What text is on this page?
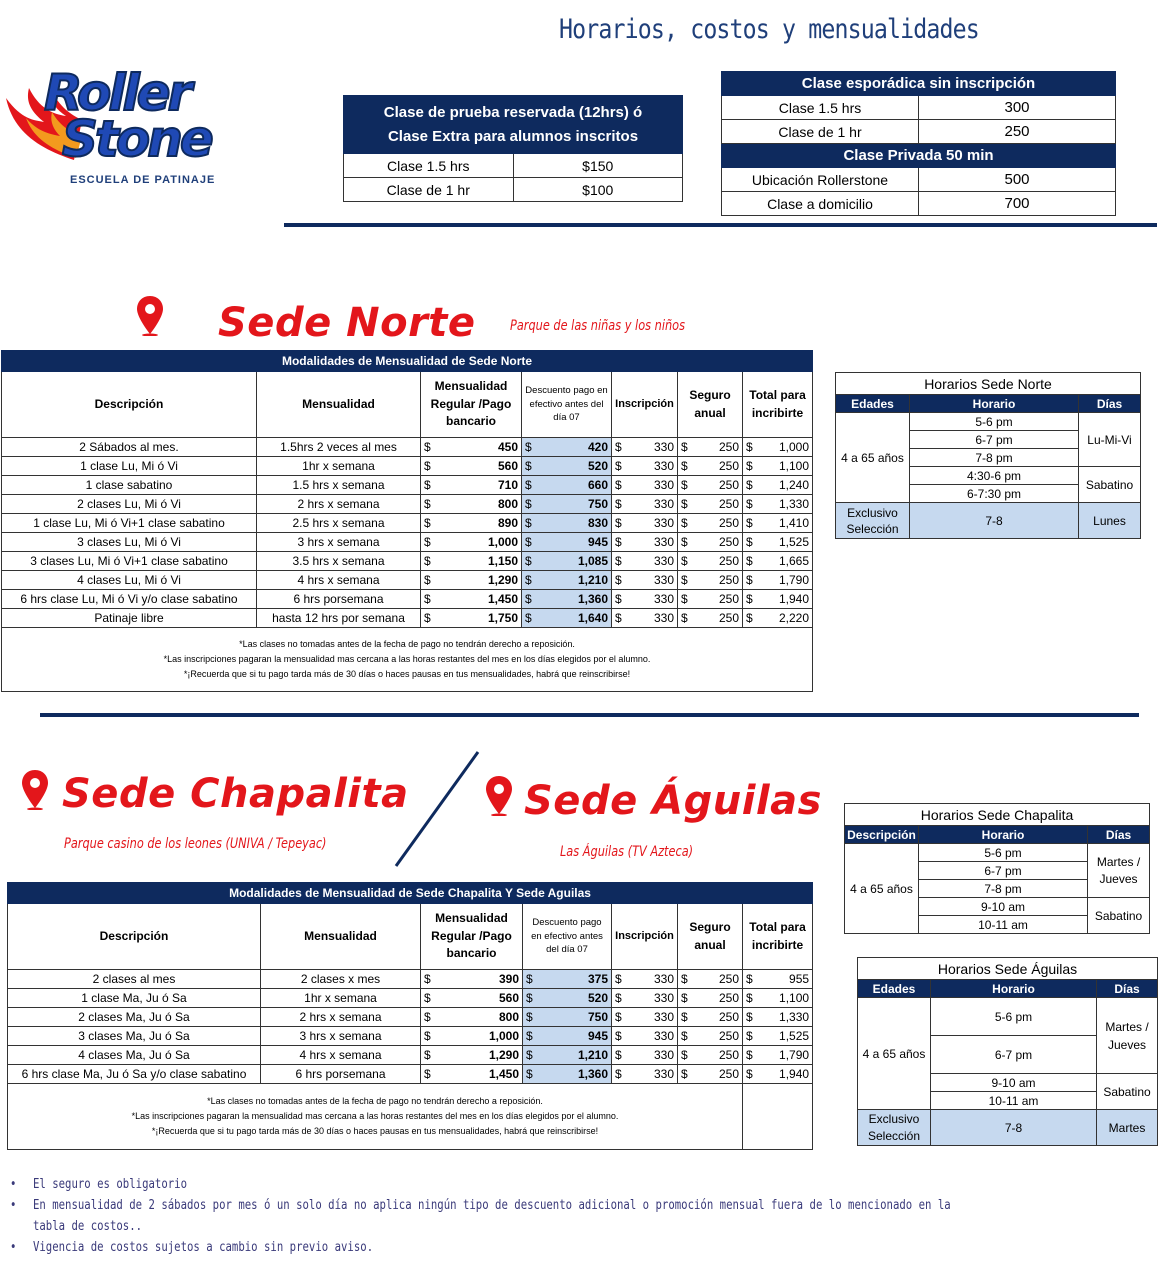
Horarios, costos y mensualidades
Roller
Stone
ESCUELA DE PATINAJE
Clase de prueba reservada (12hrs) ó
Clase Extra para alumnos inscritos	
Clase 1.5 hrs	$150
Clase de 1 hr	$100
Clase esporádica sin inscripción	
Clase 1.5 hrs	300
Clase de 1 hr	250
Clase Privada 50 min	
Ubicación Rollerstone	500
Clase a domicilio	700
Sede Norte Parque de las niñas y los niños
Modalidades de Mensualidad de Sede Norte						
Descripción	Mensualidad	Mensualidad Regular /Pago bancario	Descuento pago en efectivo antes del día 07	Inscripción	Seguro anual	Total para incribirte
2 Sábados al mes.	1.5hrs 2 veces al mes	$ 450	$ 420	$ 330	$ 250	$ 1,000

1 clase Lu, Mi ó Vi	1hr x semana	$ 560	$ 520	$ 330	$ 250	$ 1,100

1 clase sabatino	1.5 hrs x semana	$ 710	$ 660	$ 330	$ 250	$ 1,240

2 clases Lu, Mi ó Vi	2 hrs x semana	$ 800	$ 750	$ 330	$ 250	$ 1,330

1 clase Lu, Mi ó Vi+1 clase sabatino	2.5 hrs x semana	$ 890	$ 830	$ 330	$ 250	$ 1,410

3 clases Lu, Mi ó Vi	3 hrs x semana	$ 1,000	$ 945	$ 330	$ 250	$ 1,525

3 clases Lu, Mi ó Vi+1 clase sabatino	3.5 hrs x semana	$ 1,150	$ 1,085	$ 330	$ 250	$ 1,665

4 clases Lu, Mi ó Vi	4 hrs x semana	$ 1,290	$ 1,210	$ 330	$ 250	$ 1,790

6 hrs clase Lu, Mi ó Vi y/o clase sabatino	6 hrs porsemana	$ 1,450	$ 1,360	$ 330	$ 250	$ 1,940

Patinaje libre	hasta 12 hrs por semana	$ 1,750	$ 1,640	$ 330	$ 250	$ 2,220

*Las clases no tomadas antes de la fecha de pago no tendrán derecho a reposición.
*Las inscripciones pagaran la mensualidad mas cercana a las horas restantes del mes en los días elegidos por el alumno.
*¡Recuerda que si tu pago tarda más de 30 días o haces pausas en tus mensualidades, habrá que reinscribirse!						
Horarios Sede Norte		
Edades	Horario	Días
4 a 65 años	5-6 pm	Lu-Mi-Vi
	6-7 pm	
	7-8 pm	
	4:30-6 pm	Sabatino
	6-7:30 pm	
Exclusivo Selección	7-8	Lunes
Sede Chapalita
Parque casino de los leones (UNIVA / Tepeyac)
Sede Águilas
Las Águilas (TV Azteca)
Modalidades de Mensualidad de Sede Chapalita Y Sede Aguilas						
Descripción	Mensualidad	Mensualidad Regular /Pago bancario	Descuento pago en efectivo antes del día 07	Inscripción	Seguro anual	Total para incribirte
2 clases al mes	2 clases x mes	$ 390	$ 375	$ 330	$ 250	$ 955

1 clase Ma, Ju ó Sa	1hr x semana	$ 560	$ 520	$ 330	$ 250	$ 1,100

2 clases Ma, Ju ó Sa	2 hrs x semana	$ 800	$ 750	$ 330	$ 250	$ 1,330

3 clases Ma, Ju ó Sa	3 hrs x semana	$ 1,000	$ 945	$ 330	$ 250	$ 1,525

4 clases Ma, Ju ó Sa	4 hrs x semana	$ 1,290	$ 1,210	$ 330	$ 250	$ 1,790

6 hrs clase Ma, Ju ó Sa y/o clase sabatino	6 hrs porsemana	$ 1,450	$ 1,360	$ 330	$ 250	$ 1,940

*Las clases no tomadas antes de la fecha de pago no tendrán derecho a reposición.
*Las inscripciones pagaran la mensualidad mas cercana a las horas restantes del mes en los días elegidos por el alumno.
*¡Recuerda que si tu pago tarda más de 30 días o haces pausas en tus mensualidades, habrá que reinscribirse!						

Horarios Sede Chapalita		
Descripción	Horario	Días
4 a 65 años	5-6 pm	Martes / Jueves
	6-7 pm	
	7-8 pm	
	9-10 am	Sabatino
	10-11 am	
Horarios Sede Águilas		
Edades	Horario	Días
4 a 65 años	5-6 pm	Martes / Jueves
	6-7 pm	
	9-10 am	Sabatino
	10-11 am	
Exclusivo Selección	7-8	Martes
• El seguro es obligatorio
• En mensualidad de 2 sábados por mes ó un solo día no aplica ningún tipo de descuento adicional o promoción mensual fuera de lo mencionado en la tabla de costos..
• Vigencia de costos sujetos a cambio sin previo aviso.
